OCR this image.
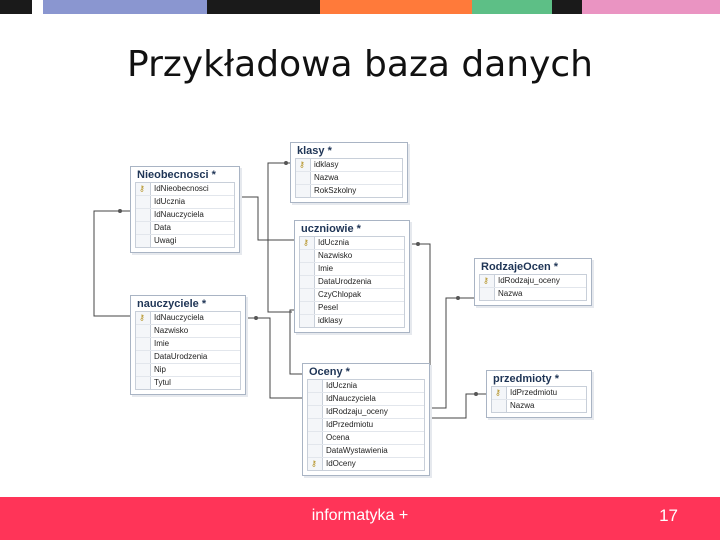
Przykładowa baza danych
klasy *
⚷ idklasy
Nazwa
RokSzkolny
Nieobecnosci *
⚷ IdNieobecnosci
IdUcznia
IdNauczyciela
Data
Uwagi
uczniowie *
⚷ IdUcznia
Nazwisko
Imie
DataUrodzenia
CzyChlopak
Pesel
idklasy
RodzajeOcen *
⚷ IdRodzaju_oceny
Nazwa
nauczyciele *
⚷ IdNauczyciela
Nazwisko
Imie
DataUrodzenia
Nip
Tytul
Oceny *
IdUcznia
IdNauczyciela
IdRodzaju_oceny
IdPrzedmiotu
Ocena
DataWystawienia
⚷ IdOceny
przedmioty *
⚷ IdPrzedmiotu
Nazwa
informatyka +	17
